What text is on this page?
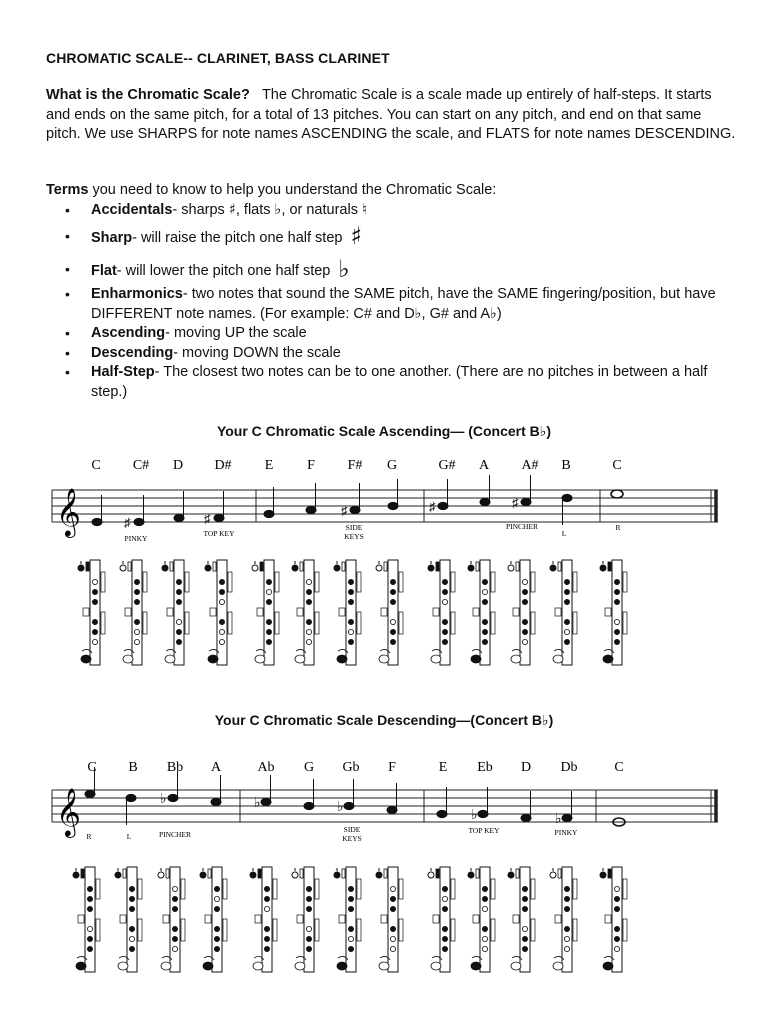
CHROMATIC SCALE-- CLARINET, BASS CLARINET
What is the Chromatic Scale? The Chromatic Scale is a scale made up entirely of half-steps. It starts and ends on the same pitch, for a total of 13 pitches. You can start on any pitch, and end on that same pitch. We use SHARPS for note names ASCENDING the scale, and FLATS for note names DESCENDING.
Terms you need to know to help you understand the Chromatic Scale:
• Accidentals- sharps ♯, flats ♭, or naturals ♮
• Sharp- will raise the pitch one half step ♯
• Flat- will lower the pitch one half step ♭
• Enharmonics- two notes that sound the SAME pitch, have the SAME fingering/position, but have DIFFERENT note names. (For example: C# and D♭, G# and A♭)
• Ascending- moving UP the scale
• Descending- moving DOWN the scale
• Half-Step- The closest two notes can be to one another. (There are no pitches in between a half step.)
Your C Chromatic Scale Ascending— (Concert B♭)
C C# D D# E F F# G	G# A A# B	C
𝄞	♯	♯
♯	♯	♯
PINKY
TOP KEY
SIDE
KEYS
PINCHER
L
R
Your C Chromatic Scale Descending—(Concert B♭)
C B Bb A	Ab G Gb F	E Eb D Db	C
𝄞	♭	♭	♭	♭	♭
R	L	PINCHER
SIDE
KEYS
TOP KEY	PINKY
